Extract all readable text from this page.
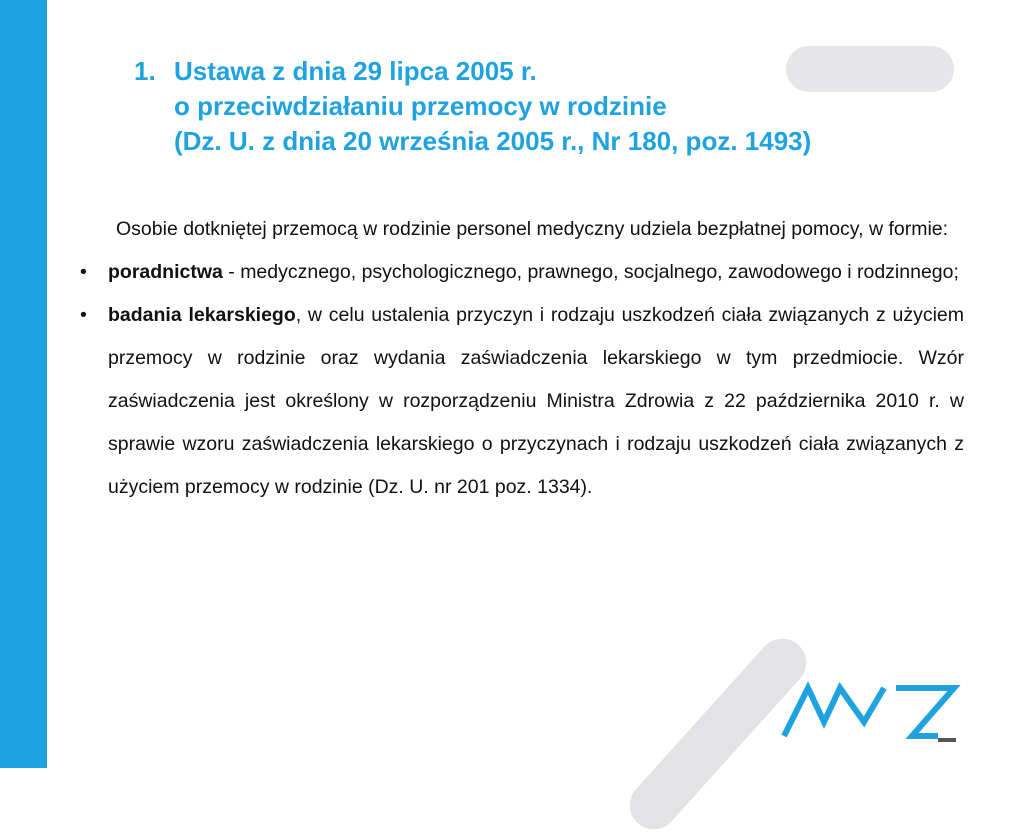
1. Ustawa z dnia 29 lipca 2005 r.
o przeciwdziałaniu przemocy w rodzinie
(Dz. U. z dnia 20 września 2005 r., Nr 180, poz. 1493)
Osobie dotkniętej przemocą w rodzinie personel medyczny udziela bezpłatnej pomocy, w formie:
• poradnictwa - medycznego, psychologicznego, prawnego, socjalnego, zawodowego i rodzinnego;
• badania lekarskiego, w celu ustalenia przyczyn i rodzaju uszkodzeń ciała związanych z użyciem przemocy w rodzinie oraz wydania zaświadczenia lekarskiego w tym przedmiocie. Wzór zaświadczenia jest określony w rozporządzeniu Ministra Zdrowia z 22 października 2010 r. w sprawie wzoru zaświadczenia lekarskiego o przyczynach i rodzaju uszkodzeń ciała związanych z użyciem przemocy w rodzinie (Dz. U. nr 201 poz. 1334).
